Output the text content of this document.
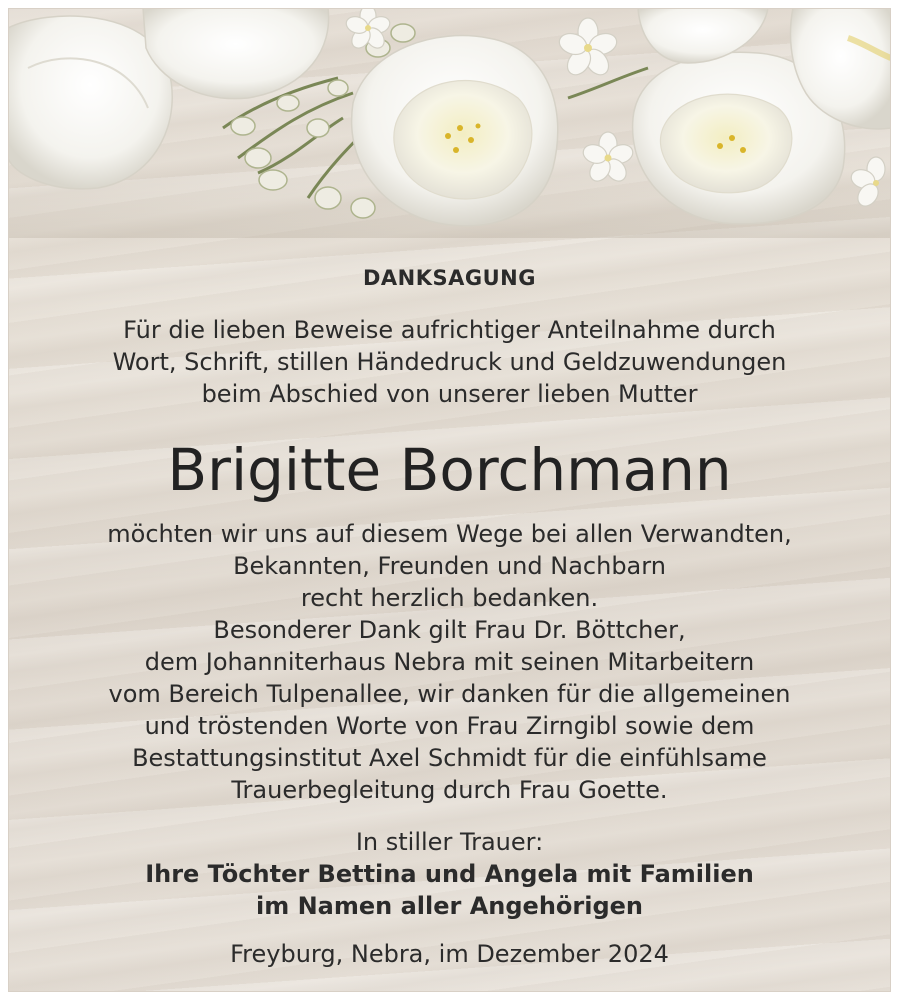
DANKSAGUNG
Für die lieben Beweise aufrichtiger Anteilnahme durch
Wort, Schrift, stillen Händedruck und Geldzuwendungen
beim Abschied von unserer lieben Mutter
Brigitte Borchmann
möchten wir uns auf diesem Wege bei allen Verwandten,
Bekannten, Freunden und Nachbarn
recht herzlich bedanken.
Besonderer Dank gilt Frau Dr. Böttcher,
dem Johanniterhaus Nebra mit seinen Mitarbeitern
vom Bereich Tulpenallee, wir danken für die allgemeinen
und tröstenden Worte von Frau Zirngibl sowie dem
Bestattungsinstitut Axel Schmidt für die einfühlsame
Trauerbegleitung durch Frau Goette.
In stiller Trauer:
Ihre Töchter Bettina und Angela mit Familien
im Namen aller Angehörigen
Freyburg, Nebra, im Dezember 2024
